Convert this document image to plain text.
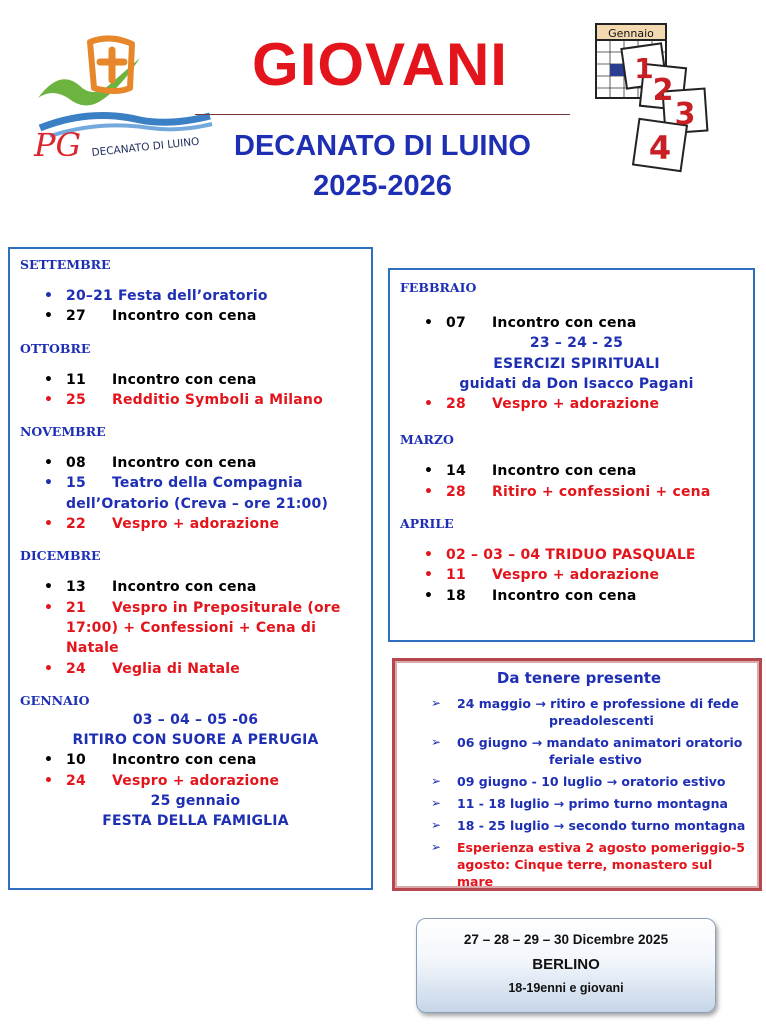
PG DECANATO DI LUINO
GIOVANI
DECANATO DI LUINO
2025-2026
Gennaio
1
2
3
4
SETTEMBRE
• 20–21 Festa dell’oratorio
• 27 Incontro con cena
OTTOBRE
• 11 Incontro con cena
• 25 Redditio Symboli a Milano
NOVEMBRE
• 08 Incontro con cena
• 15 Teatro della Compagnia dell’Oratorio (Creva – ore 21:00)
• 22 Vespro + adorazione
DICEMBRE
• 13 Incontro con cena
• 21 Vespro in Prepositurale (ore 17:00) + Confessioni + Cena di Natale
• 24 Veglia di Natale
GENNAIO
03 – 04 – 05 -06
RITIRO CON SUORE A PERUGIA
• 10 Incontro con cena
• 24 Vespro + adorazione
25 gennaio
FESTA DELLA FAMIGLIA
FEBBRAIO
• 07 Incontro con cena
23 – 24 - 25
ESERCIZI SPIRITUALI
guidati da Don Isacco Pagani
• 28 Vespro + adorazione
MARZO
• 14 Incontro con cena
• 28 Ritiro + confessioni + cena
APRILE
• 02 – 03 – 04 TRIDUO PASQUALE
• 11 Vespro + adorazione
• 18 Incontro con cena
Da tenere presente
➢ 24 maggio → ritiro e professione di fede
preadolescenti
➢ 06 giugno → mandato animatori oratorio
feriale estivo
➢ 09 giugno - 10 luglio → oratorio estivo
➢ 11 - 18 luglio → primo turno montagna
➢ 18 - 25 luglio → secondo turno montagna
➢ Esperienza estiva 2 agosto pomeriggio-5 agosto: Cinque terre, monastero sul mare
27 – 28 – 29 – 30 Dicembre 2025
BERLINO
18-19enni e giovani
